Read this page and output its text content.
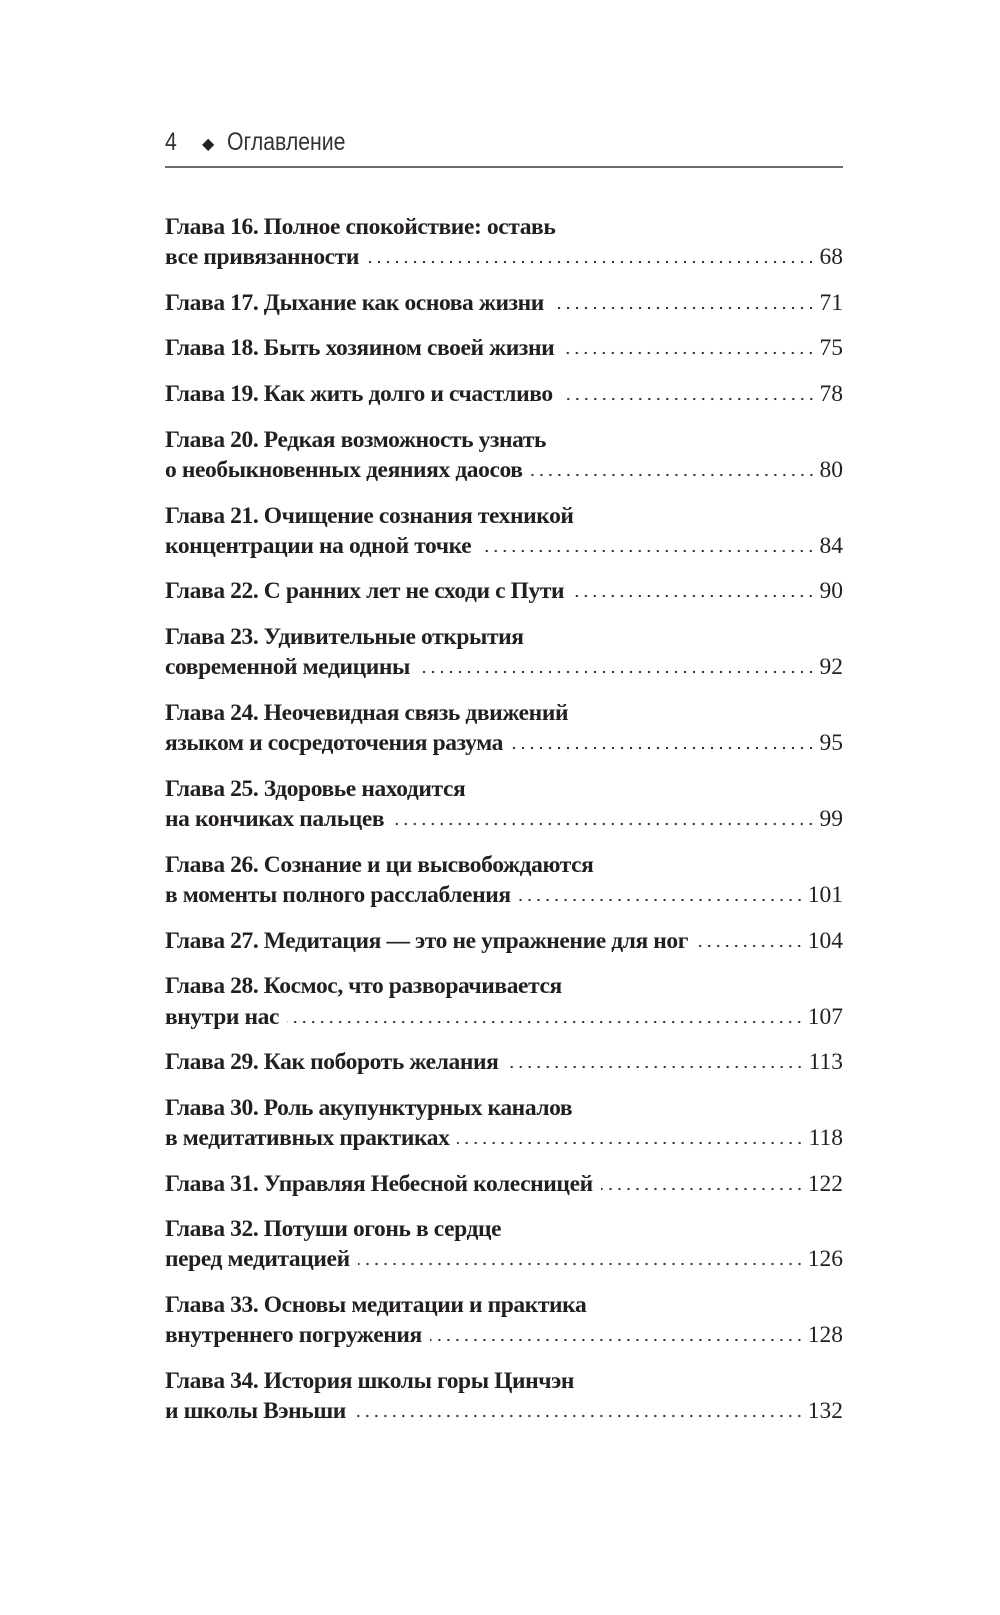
4 ◆ Оглавление
Глава 16. Полное спокойствие: оставь
все привязанности	68
Глава 17. Дыхание как основа жизни	71
Глава 18. Быть хозяином своей жизни	75
Глава 19. Как жить долго и счастливо	78
Глава 20. Редкая возможность узнать
о необыкновенных деяниях даосов	80
Глава 21. Очищение сознания техникой
концентрации на одной точке	84
Глава 22. С ранних лет не сходи с Пути	90
Глава 23. Удивительные открытия
современной медицины	92
Глава 24. Неочевидная связь движений
языком и сосредоточения разума	95
Глава 25. Здоровье находится
на кончиках пальцев	99
Глава 26. Сознание и ци высвобождаются
в моменты полного расслабления	101
Глава 27. Медитация — это не упражнение для ног	104
Глава 28. Космос, что разворачивается
внутри нас	107
Глава 29. Как побороть желания	113
Глава 30. Роль акупунктурных каналов
в медитативных практиках	118
Глава 31. Управляя Небесной колесницей	122
Глава 32. Потуши огонь в сердце
перед медитацией	126
Глава 33. Основы медитации и практика
внутреннего погружения	128
Глава 34. История школы горы Цинчэн
и школы Вэньши	132
